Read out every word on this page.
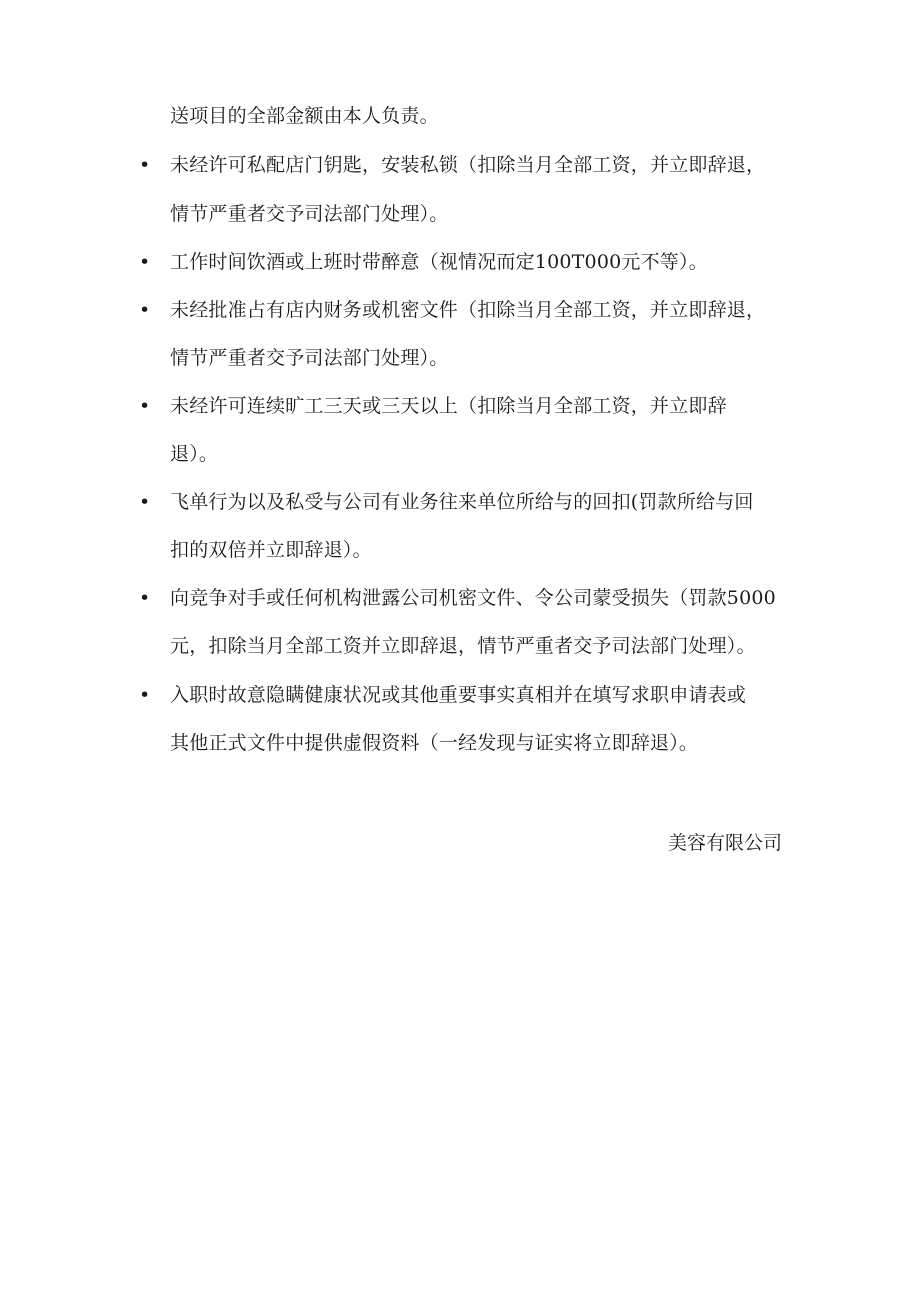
送项目的全部金额由本人负责。
• 未经许可私配店门钥匙，安装私锁（扣除当月全部工资，并立即辞退，
情节严重者交予司法部门处理）。
• 工作时间饮酒或上班时带醉意（视情况而定100T000元不等）。
• 未经批准占有店内财务或机密文件（扣除当月全部工资，并立即辞退，
情节严重者交予司法部门处理）。
• 未经许可连续旷工三天或三天以上（扣除当月全部工资，并立即辞
退）。
• 飞单行为以及私受与公司有业务往来单位所给与的回扣(罚款所给与回
扣的双倍并立即辞退）。
• 向竞争对手或任何机构泄露公司机密文件、令公司蒙受损失（罚款5000
元，扣除当月全部工资并立即辞退，情节严重者交予司法部门处理）。
• 入职时故意隐瞒健康状况或其他重要事实真相并在填写求职申请表或
其他正式文件中提供虚假资料（一经发现与证实将立即辞退）。
美容有限公司
